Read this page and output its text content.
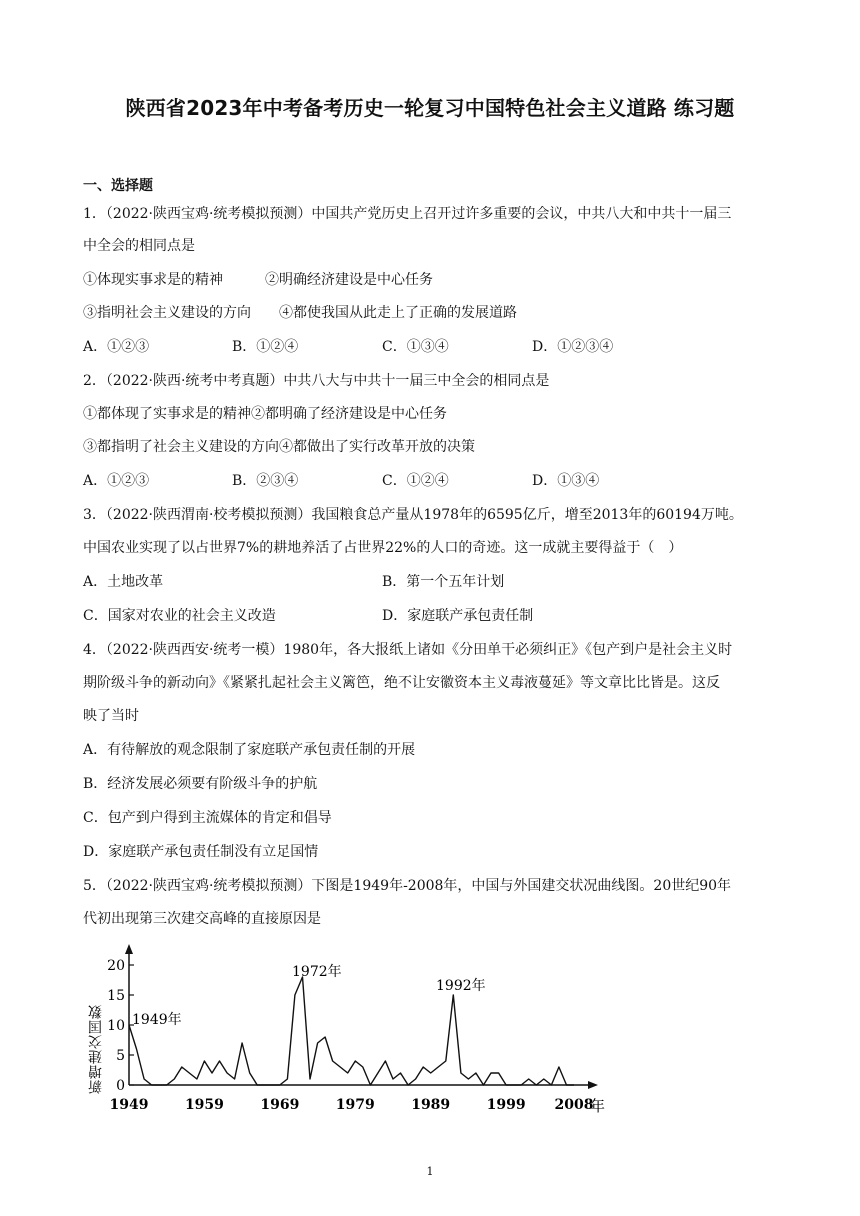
陕西省2023年中考备考历史一轮复习中国特色社会主义道路 练习题
一、选择题
1．（2022·陕西宝鸡·统考模拟预测）中国共产党历史上召开过许多重要的会议，中共八大和中共十一届三
中全会的相同点是
①体现实事求是的精神　　　②明确经济建设是中心任务
③指明社会主义建设的方向　　④都使我国从此走上了正确的发展道路
A．①②③	B．①②④	C．①③④	D．①②③④
2．（2022·陕西·统考中考真题）中共八大与中共十一届三中全会的相同点是
①都体现了实事求是的精神②都明确了经济建设是中心任务
③都指明了社会主义建设的方向④都做出了实行改革开放的决策
A．①②③	B．②③④	C．①②④	D．①③④
3．（2022·陕西渭南·校考模拟预测）我国粮食总产量从1978年的6595亿斤，增至2013年的60194万吨。
中国农业实现了以占世界7%的耕地养活了占世界22%的人口的奇迹。这一成就主要得益于（　）
A．土地改革	B．第一个五年计划
C．国家对农业的社会主义改造	D．家庭联产承包责任制
4．（2022·陕西西安·统考一模）1980年，各大报纸上诸如《分田单干必须纠正》《包产到户是社会主义时
期阶级斗争的新动向》《紧紧扎起社会主义篱笆，绝不让安徽资本主义毒液蔓延》等文章比比皆是。这反
映了当时
A．有待解放的观念限制了家庭联产承包责任制的开展
B．经济发展必须要有阶级斗争的护航
C．包产到户得到主流媒体的肯定和倡导
D．家庭联产承包责任制没有立足国情
5．（2022·陕西宝鸡·统考模拟预测）下图是1949年-2008年，中国与外国建交状况曲线图。20世纪90年
代初出现第三次建交高峰的直接原因是
0
5
10
15
20
1949	1959	1969	1979	1989	1999 2008
1949年
1972年
1992年
新增建交国数
年
1
